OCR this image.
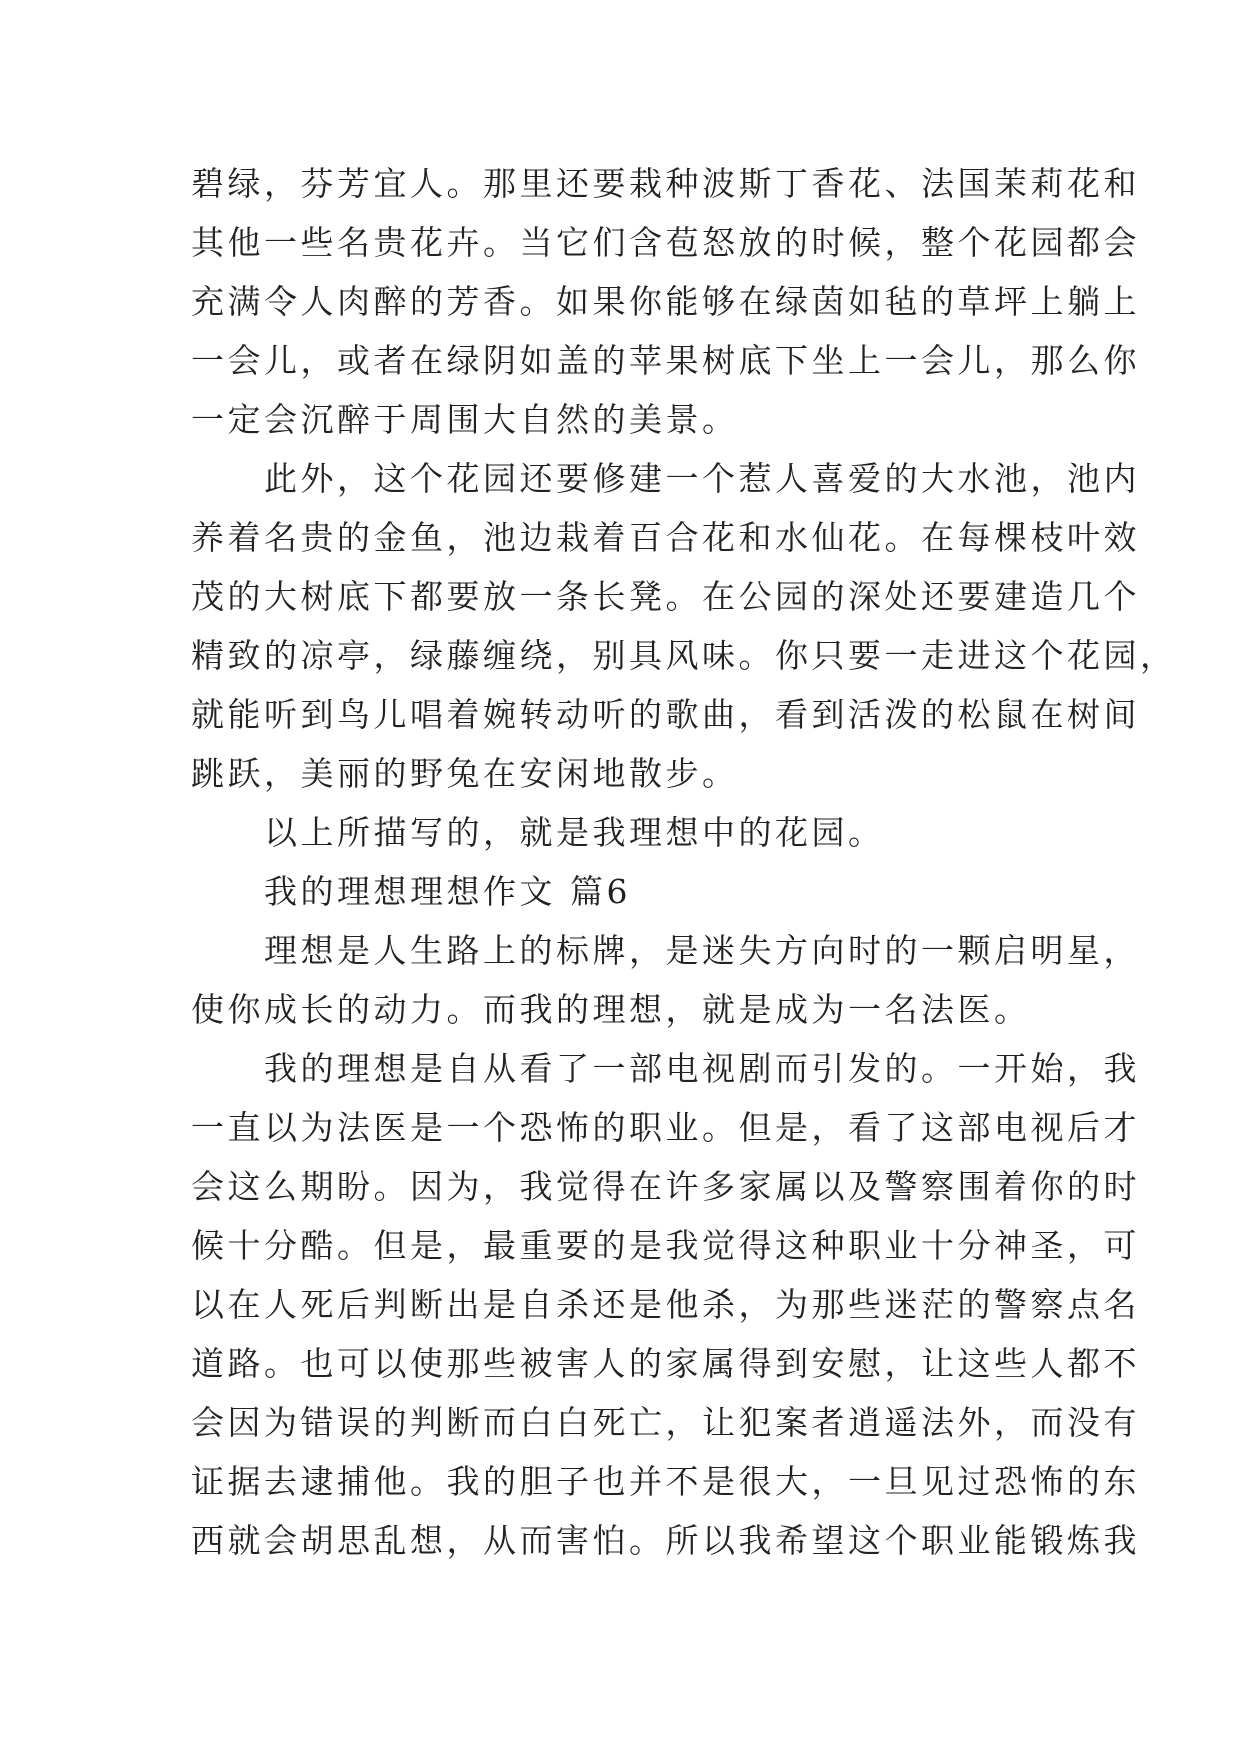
碧绿，芬芳宜人。那里还要栽种波斯丁香花、法国茉莉花和
其他一些名贵花卉。当它们含苞怒放的时候，整个花园都会
充满令人肉醉的芳香。如果你能够在绿茵如毡的草坪上躺上
一会儿，或者在绿阴如盖的苹果树底下坐上一会儿，那么你
一定会沉醉于周围大自然的美景。
　　此外，这个花园还要修建一个惹人喜爱的大水池，池内
养着名贵的金鱼，池边栽着百合花和水仙花。在每棵枝叶效
茂的大树底下都要放一条长凳。在公园的深处还要建造几个
精致的凉亭，绿藤缠绕，别具风味。你只要一走进这个花园，
就能听到鸟儿唱着婉转动听的歌曲，看到活泼的松鼠在树间
跳跃，美丽的野兔在安闲地散步。
　　以上所描写的，就是我理想中的花园。
　　我的理想理想作文 篇6
　　理想是人生路上的标牌，是迷失方向时的一颗启明星，
使你成长的动力。而我的理想，就是成为一名法医。
　　我的理想是自从看了一部电视剧而引发的。一开始，我
一直以为法医是一个恐怖的职业。但是，看了这部电视后才
会这么期盼。因为，我觉得在许多家属以及警察围着你的时
候十分酷。但是，最重要的是我觉得这种职业十分神圣，可
以在人死后判断出是自杀还是他杀，为那些迷茫的警察点名
道路。也可以使那些被害人的家属得到安慰，让这些人都不
会因为错误的判断而白白死亡，让犯案者逍遥法外，而没有
证据去逮捕他。我的胆子也并不是很大，一旦见过恐怖的东
西就会胡思乱想，从而害怕。所以我希望这个职业能锻炼我
